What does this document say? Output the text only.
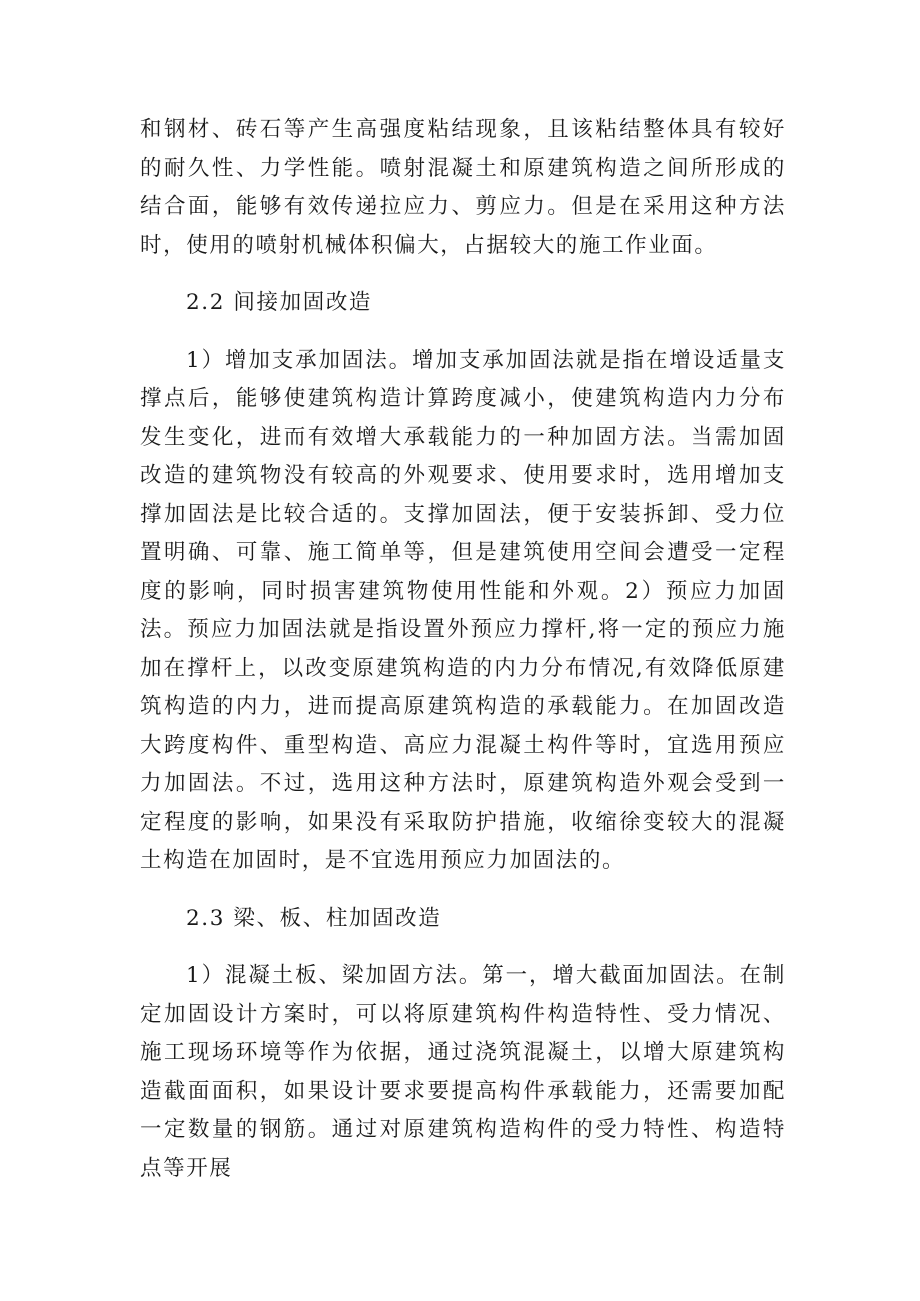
和钢材、砖石等产生高强度粘结现象，且该粘结整体具有较好的耐久性、力学性能。喷射混凝土和原建筑构造之间所形成的结合面，能够有效传递拉应力、剪应力。但是在采用这种方法时，使用的喷射机械体积偏大，占据较大的施工作业面。

2.2 间接加固改造

1）增加支承加固法。增加支承加固法就是指在增设适量支撑点后，能够使建筑构造计算跨度减小，使建筑构造内力分布发生变化，进而有效增大承载能力的一种加固方法。当需加固改造的建筑物没有较高的外观要求、使用要求时，选用增加支撑加固法是比较合适的。支撑加固法，便于安装拆卸、受力位置明确、可靠、施工简单等，但是建筑使用空间会遭受一定程度的影响，同时损害建筑物使用性能和外观。2）预应力加固法。预应力加固法就是指设置外预应力撑杆,将一定的预应力施加在撑杆上，以改变原建筑构造的内力分布情况,有效降低原建筑构造的内力，进而提高原建筑构造的承载能力。在加固改造大跨度构件、重型构造、高应力混凝土构件等时，宜选用预应力加固法。不过，选用这种方法时，原建筑构造外观会受到一定程度的影响，如果没有采取防护措施，收缩徐变较大的混凝土构造在加固时，是不宜选用预应力加固法的。

2.3 梁、板、柱加固改造

1）混凝土板、梁加固方法。第一，增大截面加固法。在制定加固设计方案时，可以将原建筑构件构造特性、受力情况、施工现场环境等作为依据，通过浇筑混凝土，以增大原建筑构造截面面积，如果设计要求要提高构件承载能力，还需要加配一定数量的钢筋。通过对原建筑构造构件的受力特性、构造特点等开展
